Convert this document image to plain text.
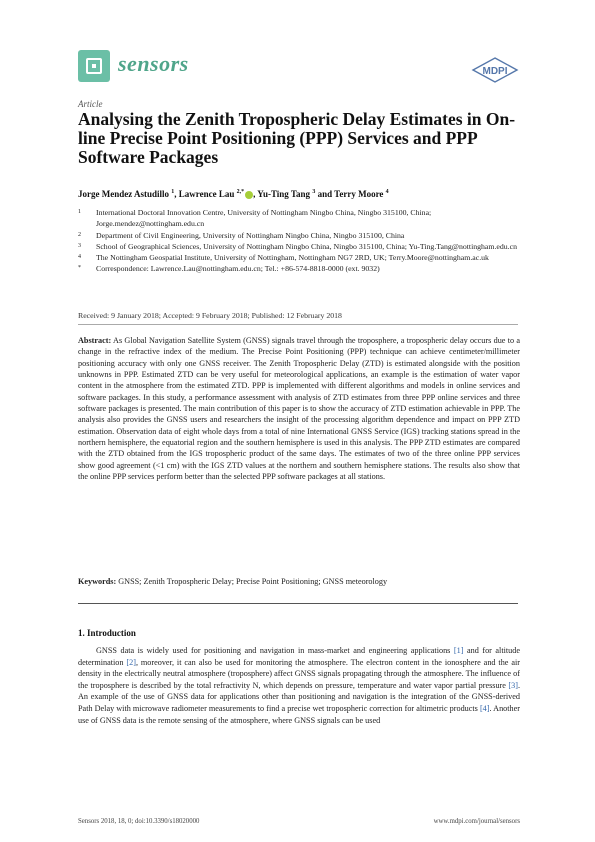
sensors	MDPI
Article
Analysing the Zenith Tropospheric Delay Estimates in On-line Precise Point Positioning (PPP) Services and PPP Software Packages
Jorge Mendez Astudillo $^1$, Lawrence Lau $^{2,*}$ , Yu-Ting Tang $^3$ and Terry Moore $^4$
1	International Doctoral Innovation Centre, University of Nottingham Ningbo China, Ningbo 315100, China; Jorge.mendez@nottingham.edu.cn
2	Department of Civil Engineering, University of Nottingham Ningbo China, Ningbo 315100, China
3	School of Geographical Sciences, University of Nottingham Ningbo China, Ningbo 315100, China; Yu-Ting.Tang@nottingham.edu.cn
4	The Nottingham Geospatial Institute, University of Nottingham, Nottingham NG7 2RD, UK; Terry.Moore@nottingham.ac.uk
*	Correspondence: Lawrence.Lau@nottingham.edu.cn; Tel.: +86-574-8818-0000 (ext. 9032)
Received: 9 January 2018; Accepted: 9 February 2018; Published: 12 February 2018
Abstract: As Global Navigation Satellite System (GNSS) signals travel through the troposphere, a tropospheric delay occurs due to a change in the refractive index of the medium. The Precise Point Positioning (PPP) technique can achieve centimeter/millimeter positioning accuracy with only one GNSS receiver. The Zenith Tropospheric Delay (ZTD) is estimated alongside with the position unknowns in PPP. Estimated ZTD can be very useful for meteorological applications, an example is the estimation of water vapor content in the atmosphere from the estimated ZTD. PPP is implemented with different algorithms and models in online services and software packages. In this study, a performance assessment with analysis of ZTD estimates from three PPP online services and three software packages is presented. The main contribution of this paper is to show the accuracy of ZTD estimation achievable in PPP. The analysis also provides the GNSS users and researchers the insight of the processing algorithm dependence and impact on PPP ZTD estimation. Observation data of eight whole days from a total of nine International GNSS Service (IGS) tracking stations spread in the northern hemisphere, the equatorial region and the southern hemisphere is used in this analysis. The PPP ZTD estimates are compared with the ZTD obtained from the IGS tropospheric product of the same days. The estimates of two of the three online PPP services show good agreement (<1 cm) with the IGS ZTD values at the northern and southern hemisphere stations. The results also show that the online PPP services perform better than the selected PPP software packages at all stations.
Keywords: GNSS; Zenith Tropospheric Delay; Precise Point Positioning; GNSS meteorology
1. Introduction

GNSS data is widely used for positioning and navigation in mass-market and engineering applications [1] and for altitude determination [2], moreover, it can also be used for monitoring the atmosphere. The electron content in the ionosphere and the air density in the electrically neutral atmosphere (troposphere) affect GNSS signals propagating through the atmosphere. The influence of the troposphere is described by the total refractivity N, which depends on pressure, temperature and water vapor partial pressure [3]. An example of the use of GNSS data for applications other than positioning and navigation is the integration of the GNSS-derived Path Delay with microwave radiometer measurements to find a precise wet tropospheric correction for altimetric products [4]. Another use of GNSS data is the remote sensing of the atmosphere, where GNSS signals can be used

Sensors 2018, 18, 0; doi:10.3390/s18020000	www.mdpi.com/journal/sensors
